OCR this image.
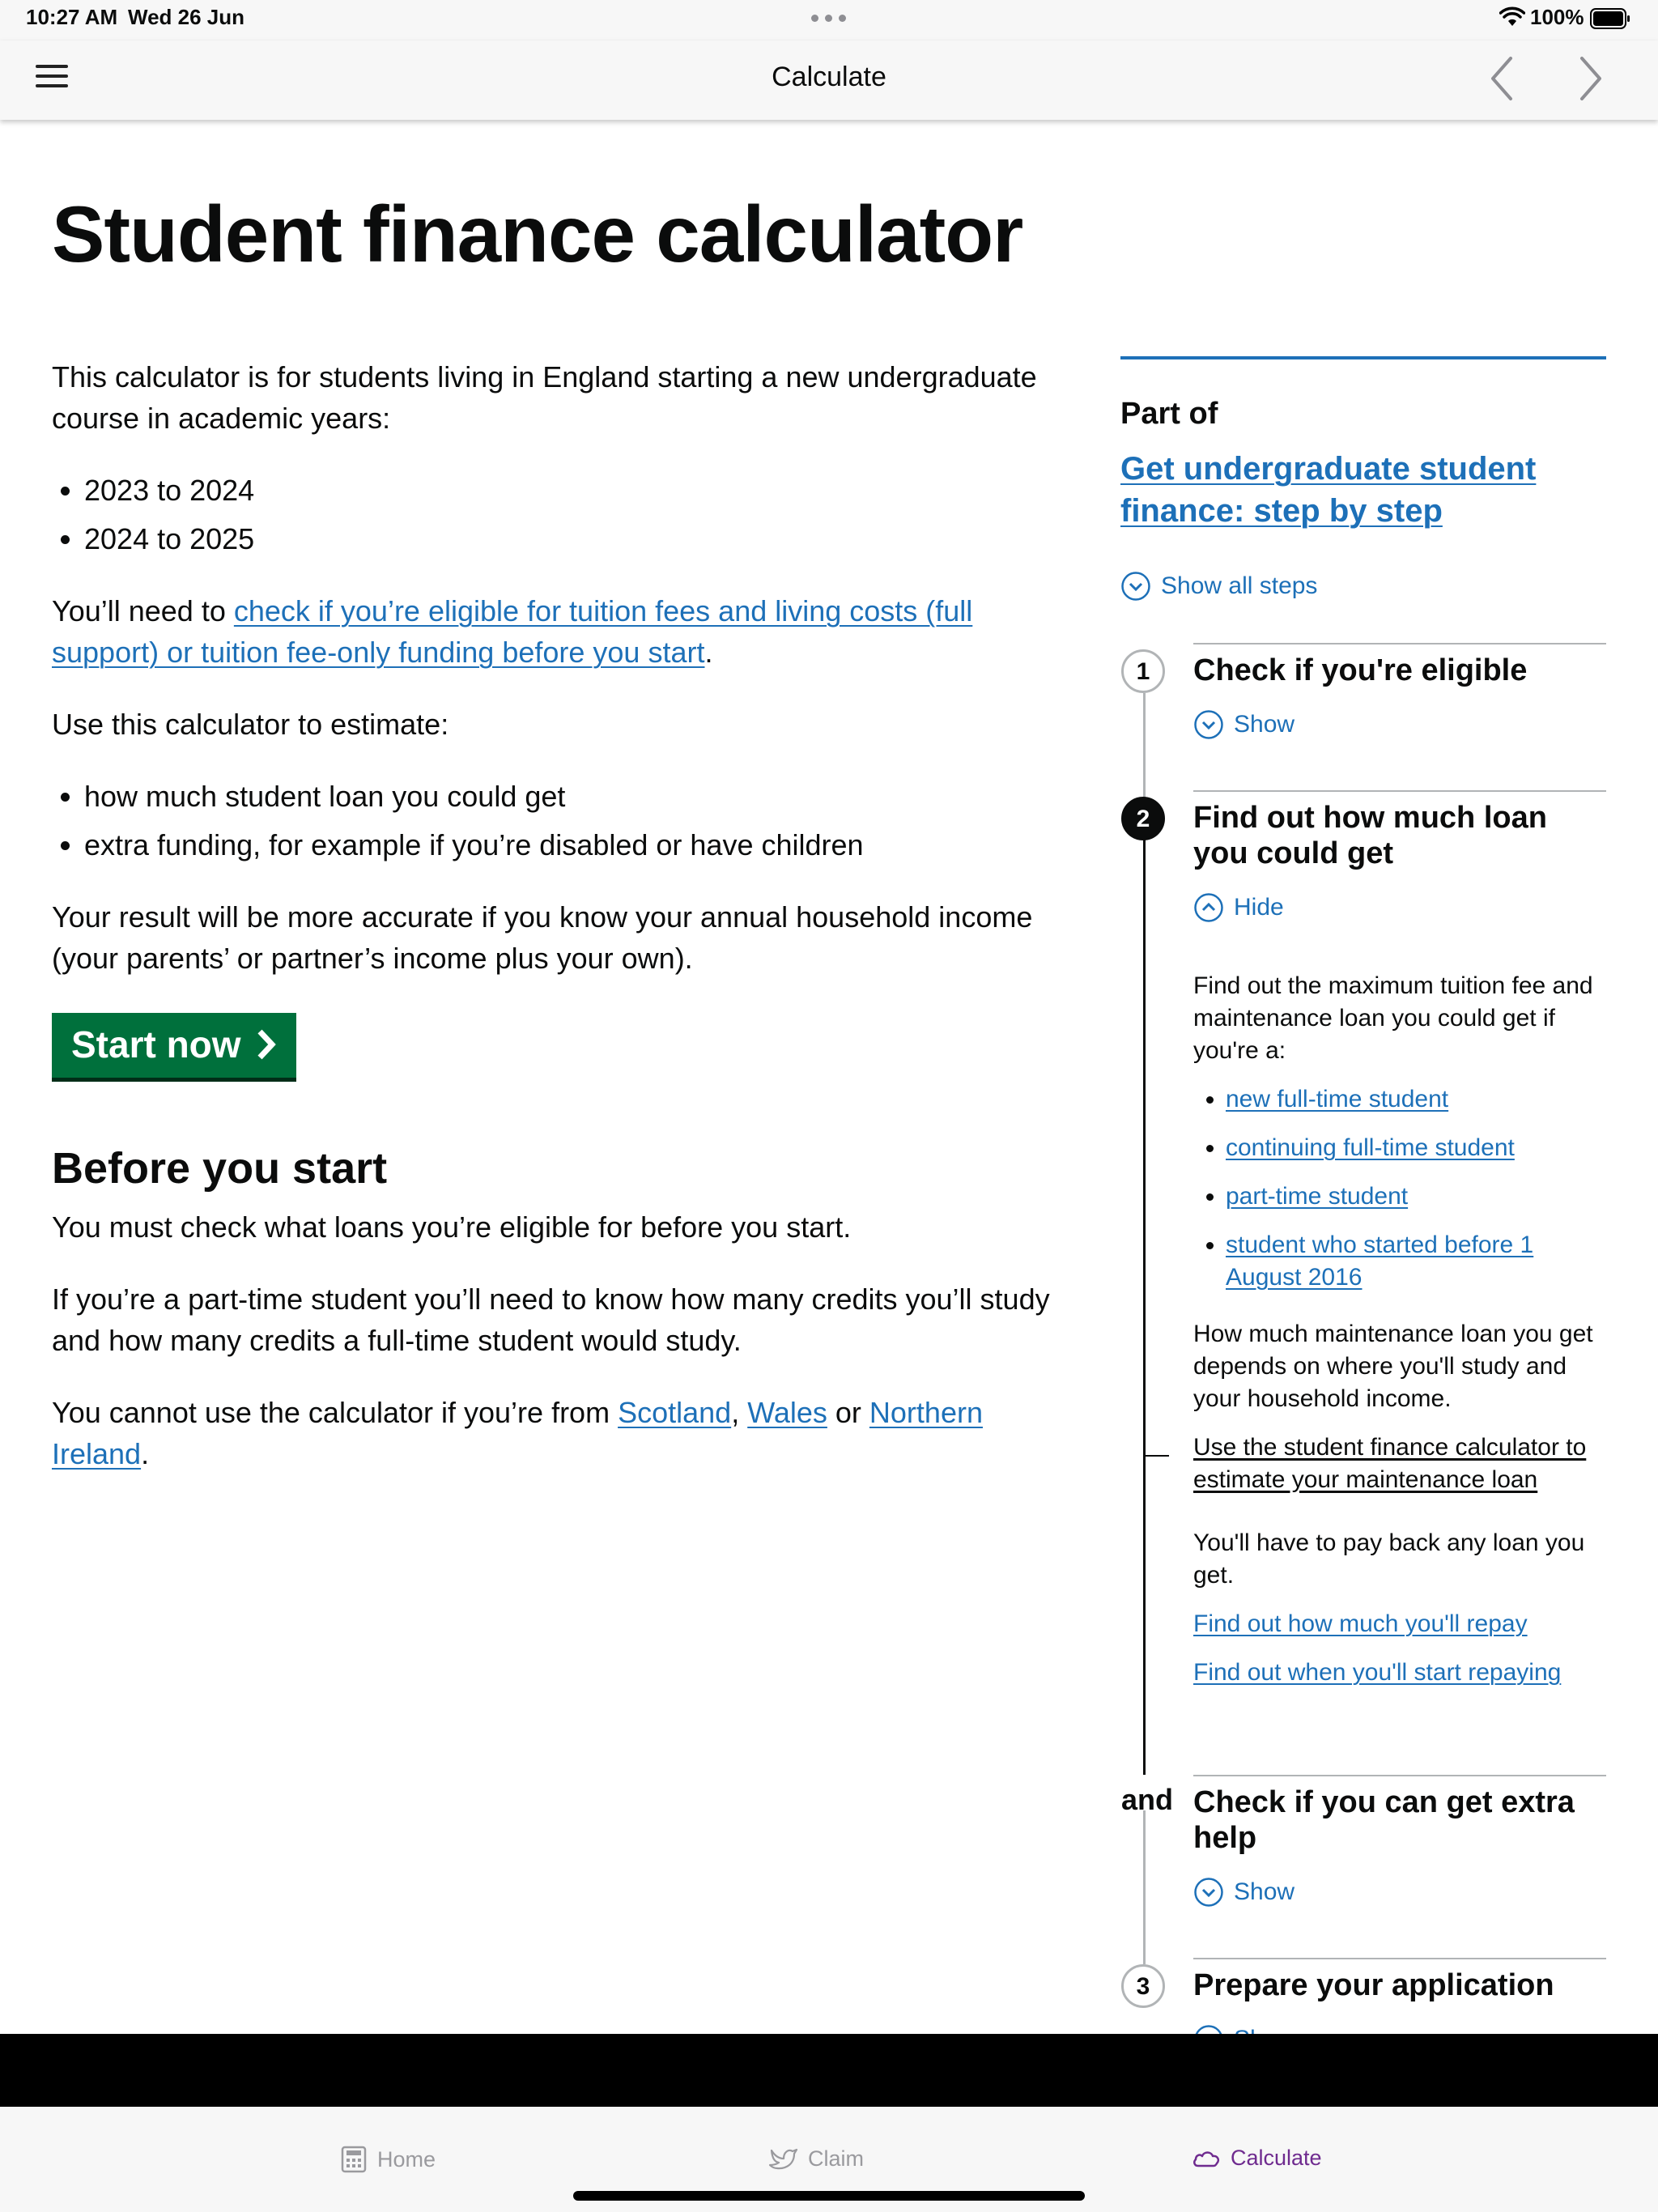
10:27 AM Wed 26 Jun	100%
Calculate
Student finance calculator

This calculator is for students living in England starting a new undergraduate course in academic years:

• 2023 to 2024
• 2024 to 2025

You’ll need to check if you’re eligible for tuition fees and living costs (full support) or tuition fee-only funding before you start.

Use this calculator to estimate:

• how much student loan you could get
• extra funding, for example if you’re disabled or have children

Your result will be more accurate if you know your annual household income (your parents’ or partner’s income plus your own).

Start now
Before you start

You must check what loans you’re eligible for before you start.

If you’re a part-time student you’ll need to know how many credits you’ll study and how many credits a full-time student would study.

You cannot use the calculator if you’re from Scotland, Wales or Northern Ireland.

Part of
Get undergraduate student finance: step by step
Show all steps
1	Check if you're eligible
Show
2	Find out how much loan you could get
Hide

Find out the maximum tuition fee and maintenance loan you could get if you're a:

• new full-time student
• continuing full-time student
• part-time student
• student who started before 1 August 2016

How much maintenance loan you get depends on where you'll study and your household income.

Use the student finance calculator to estimate your maintenance loan

You'll have to pay back any loan you get.

Find out how much you'll repay

Find out when you'll start repaying

and Check if you can get extra help
Show
3	Prepare your application
Home	Claim	Calculate
